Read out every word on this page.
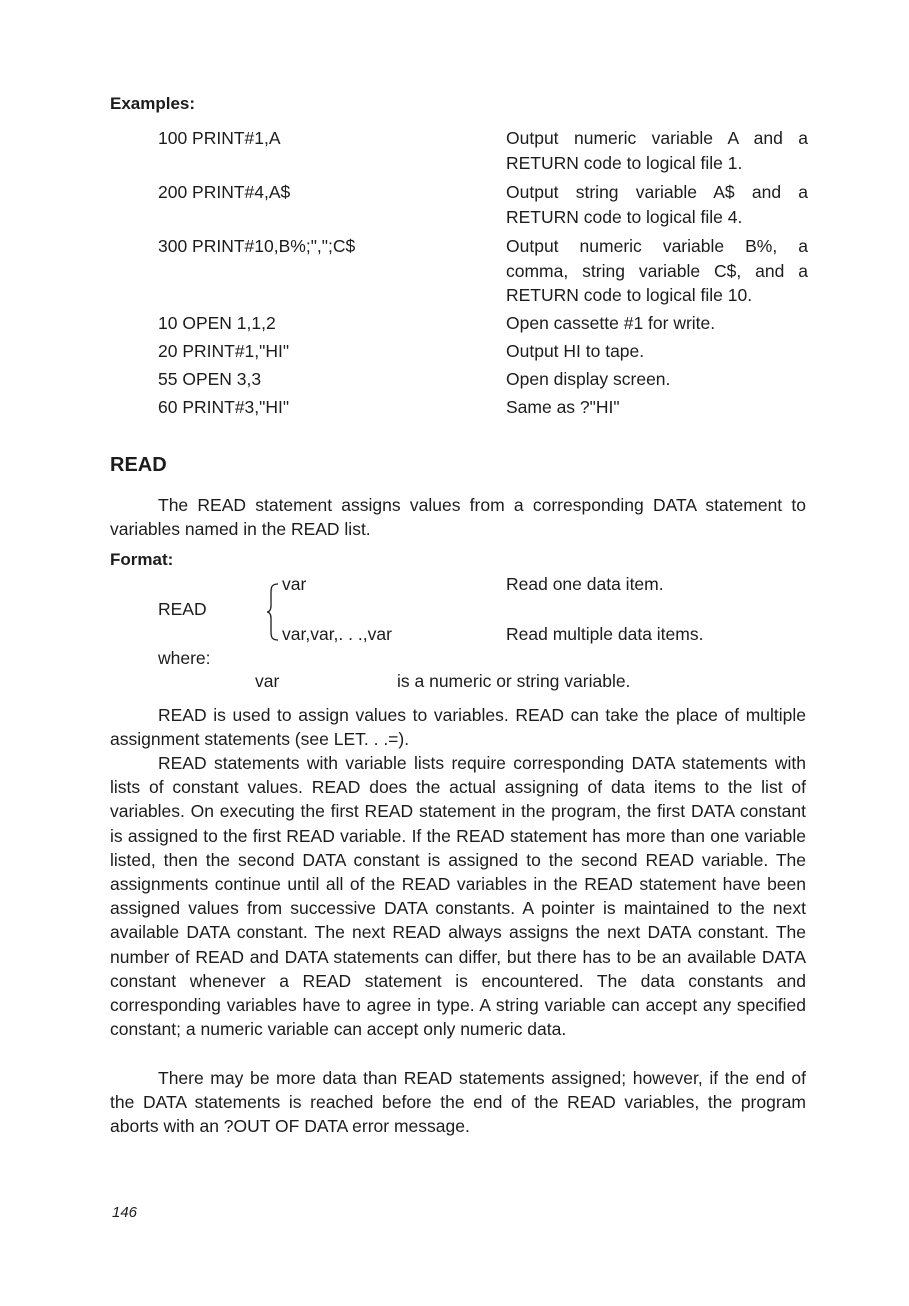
Examples:
100 PRINT#1,A	Output numeric variable A and a RETURN code to logical file 1.
200 PRINT#4,A$	Output string variable A$ and a RETURN code to logical file 4.
300 PRINT#10,B%;",";C$	Output numeric variable B%, a comma, string variable C$, and a RETURN code to logical file 10.
10 OPEN 1,1,2	Open cassette #1 for write.
20 PRINT#1,"HI"	Output HI to tape.
55 OPEN 3,3	Open display screen.
60 PRINT#3,"HI"	Same as ?"HI"
READ

The READ statement assigns values from a corresponding DATA statement to variables named in the READ list.

Format:
READ
var	Read one data item.
var,var,. . .,var	Read multiple data items.
where:
var	is a numeric or string variable.

READ is used to assign values to variables. READ can take the place of multiple assignment statements (see LET. . .=).

READ statements with variable lists require corresponding DATA statements with lists of constant values. READ does the actual assigning of data items to the list of variables. On executing the first READ statement in the program, the first DATA constant is assigned to the first READ variable. If the READ statement has more than one variable listed, then the second DATA constant is assigned to the second READ variable. The assignments continue until all of the READ variables in the READ statement have been assigned values from successive DATA constants. A pointer is maintained to the next available DATA constant. The next READ always assigns the next DATA constant. The number of READ and DATA statements can differ, but there has to be an available DATA constant whenever a READ statement is encountered. The data constants and corresponding variables have to agree in type. A string variable can accept any specified constant; a numeric variable can accept only numeric data.

There may be more data than READ statements assigned; however, if the end of the DATA statements is reached before the end of the READ variables, the program aborts with an ?OUT OF DATA error message.

146
